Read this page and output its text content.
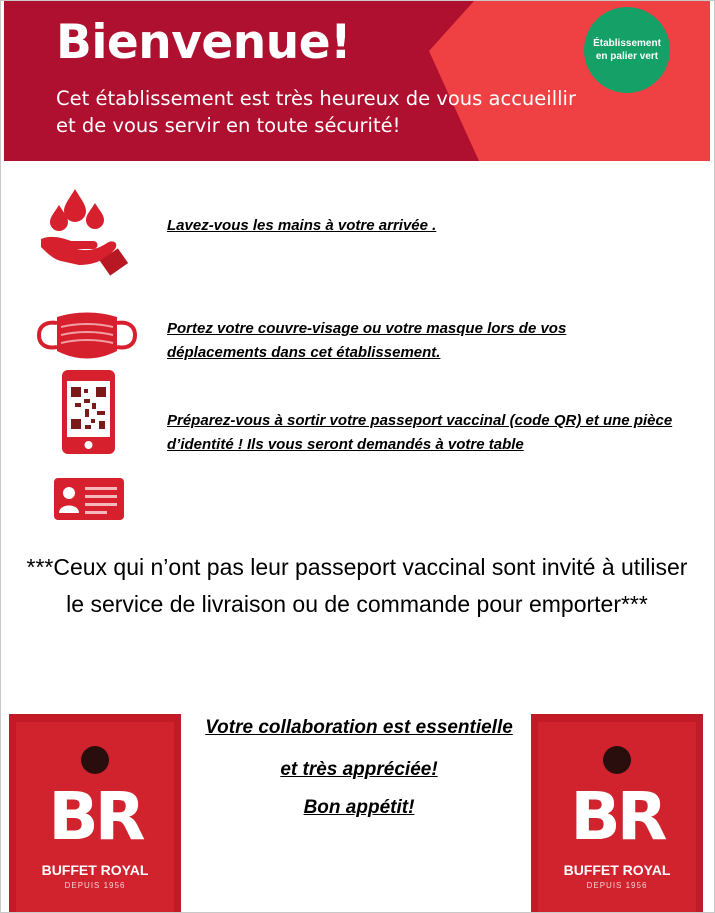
Bienvenue!
Cet établissement est très heureux de vous accueillir et de vous servir en toute sécurité!
Établissement
en palier vert
Lavez-vous les mains à votre arrivée .
Portez votre couvre-visage ou votre masque lors de vos déplacements dans cet établissement.
Préparez-vous à sortir votre passeport vaccinal (code QR) et une pièce d’identité ! Ils vous seront demandés à votre table
***Ceux qui n’ont pas leur passeport vaccinal sont invité à utiliser le service de livraison ou de commande pour emporter***
BR
BUFFET ROYAL
DEPUIS 1956
Votre collaboration est essentielle
et très appréciée!
Bon appétit!	BR
BUFFET ROYAL
DEPUIS 1956
